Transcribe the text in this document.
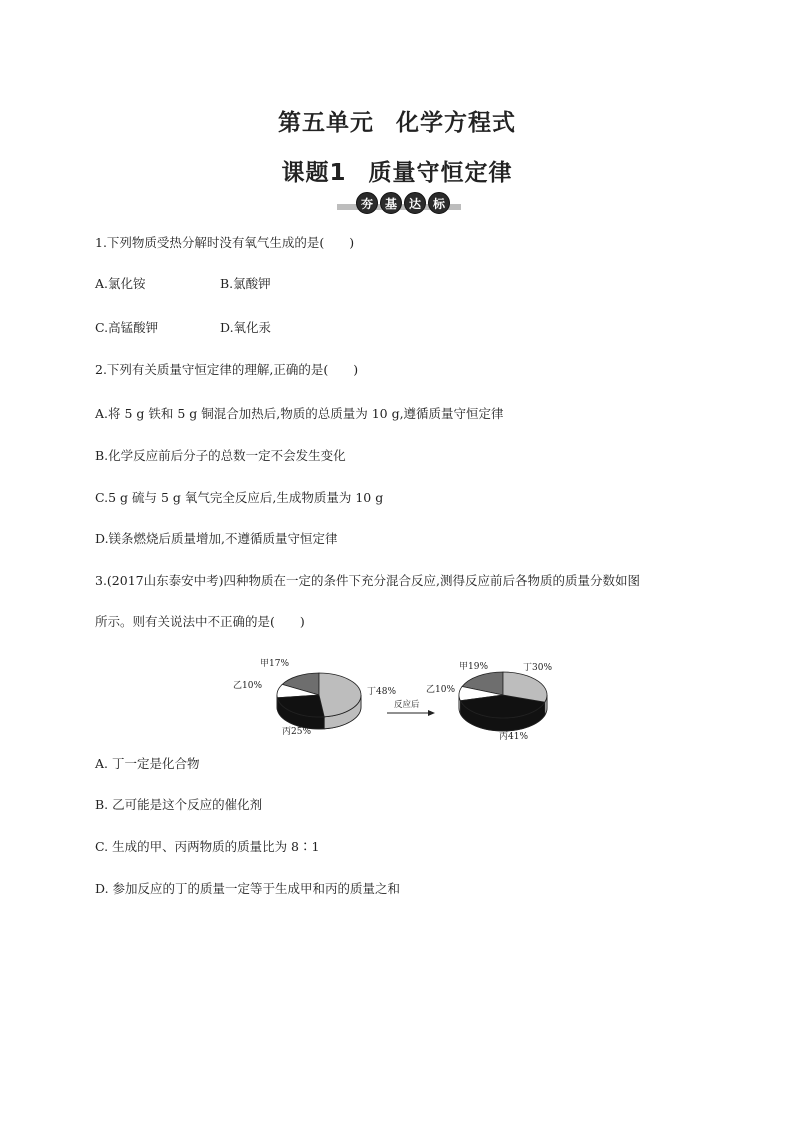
第五单元 化学方程式
课题1 质量守恒定律
夯 基 达 标
1.下列物质受热分解时没有氧气生成的是(　　)
A.氯化铵	B.氯酸钾
C.高锰酸钾	D.氧化汞
2.下列有关质量守恒定律的理解,正确的是(　　)
A.将 5 g 铁和 5 g 铜混合加热后,物质的总质量为 10 g,遵循质量守恒定律
B.化学反应前后分子的总数一定不会发生变化
C.5 g 硫与 5 g 氧气完全反应后,生成物质量为 10 g
D.镁条燃烧后质量增加,不遵循质量守恒定律
3.(2017山东泰安中考)四种物质在一定的条件下充分混合反应,测得反应前后各物质的质量分数如图
所示。则有关说法中不正确的是(　　)
甲17%
乙10%
丙25%
丁48%
甲19%
乙10%
丙41%
丁30%
反应后
A. 丁一定是化合物
B. 乙可能是这个反应的催化剂
C. 生成的甲、丙两物质的质量比为 8∶1
D. 参加反应的丁的质量一定等于生成甲和丙的质量之和
